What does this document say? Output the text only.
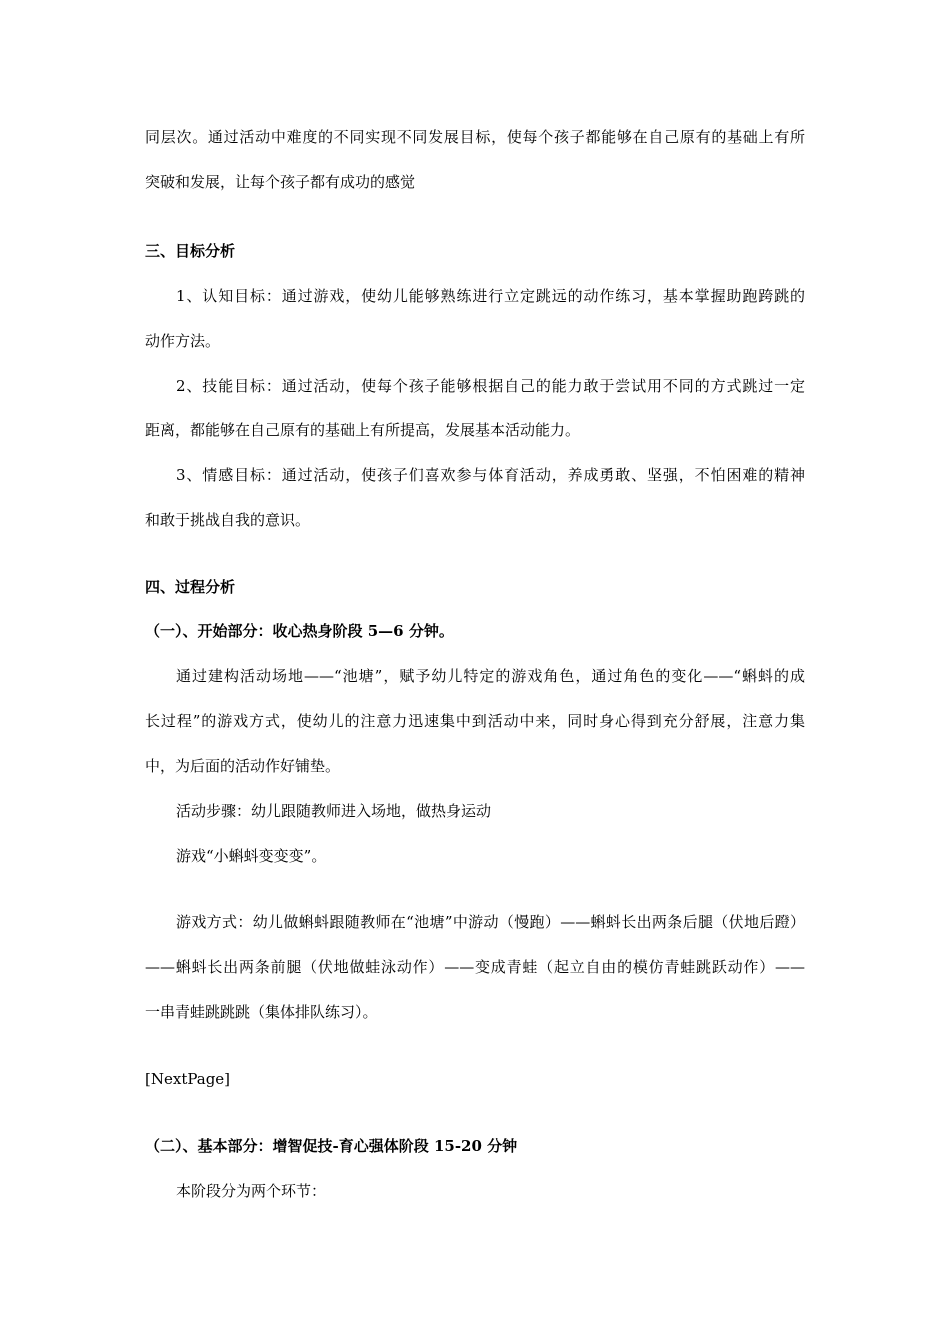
同层次。通过活动中难度的不同实现不同发展目标，使每个孩子都能够在自己原有的基础上有所
突破和发展，让每个孩子都有成功的感觉
三、目标分析
1、认知目标：通过游戏，使幼儿能够熟练进行立定跳远的动作练习，基本掌握助跑跨跳的
动作方法。
2、技能目标：通过活动，使每个孩子能够根据自己的能力敢于尝试用不同的方式跳过一定
距离，都能够在自己原有的基础上有所提高，发展基本活动能力。
3、情感目标：通过活动，使孩子们喜欢参与体育活动，养成勇敢、坚强，不怕困难的精神
和敢于挑战自我的意识。
四、过程分析
（一）、开始部分：收心热身阶段 5—6 分钟。
通过建构活动场地——“池塘”，赋予幼儿特定的游戏角色，通过角色的变化——“蝌蚪的成
长过程”的游戏方式，使幼儿的注意力迅速集中到活动中来，同时身心得到充分舒展，注意力集
中，为后面的活动作好铺垫。
活动步骤：幼儿跟随教师进入场地，做热身运动
游戏“小蝌蚪变变变”。
游戏方式：幼儿做蝌蚪跟随教师在“池塘”中游动（慢跑）——蝌蚪长出两条后腿（伏地后蹬）
——蝌蚪长出两条前腿（伏地做蛙泳动作）——变成青蛙（起立自由的模仿青蛙跳跃动作）——
一串青蛙跳跳跳（集体排队练习）。
[NextPage]
（二）、基本部分：增智促技-育心强体阶段 15-20 分钟
本阶段分为两个环节：
